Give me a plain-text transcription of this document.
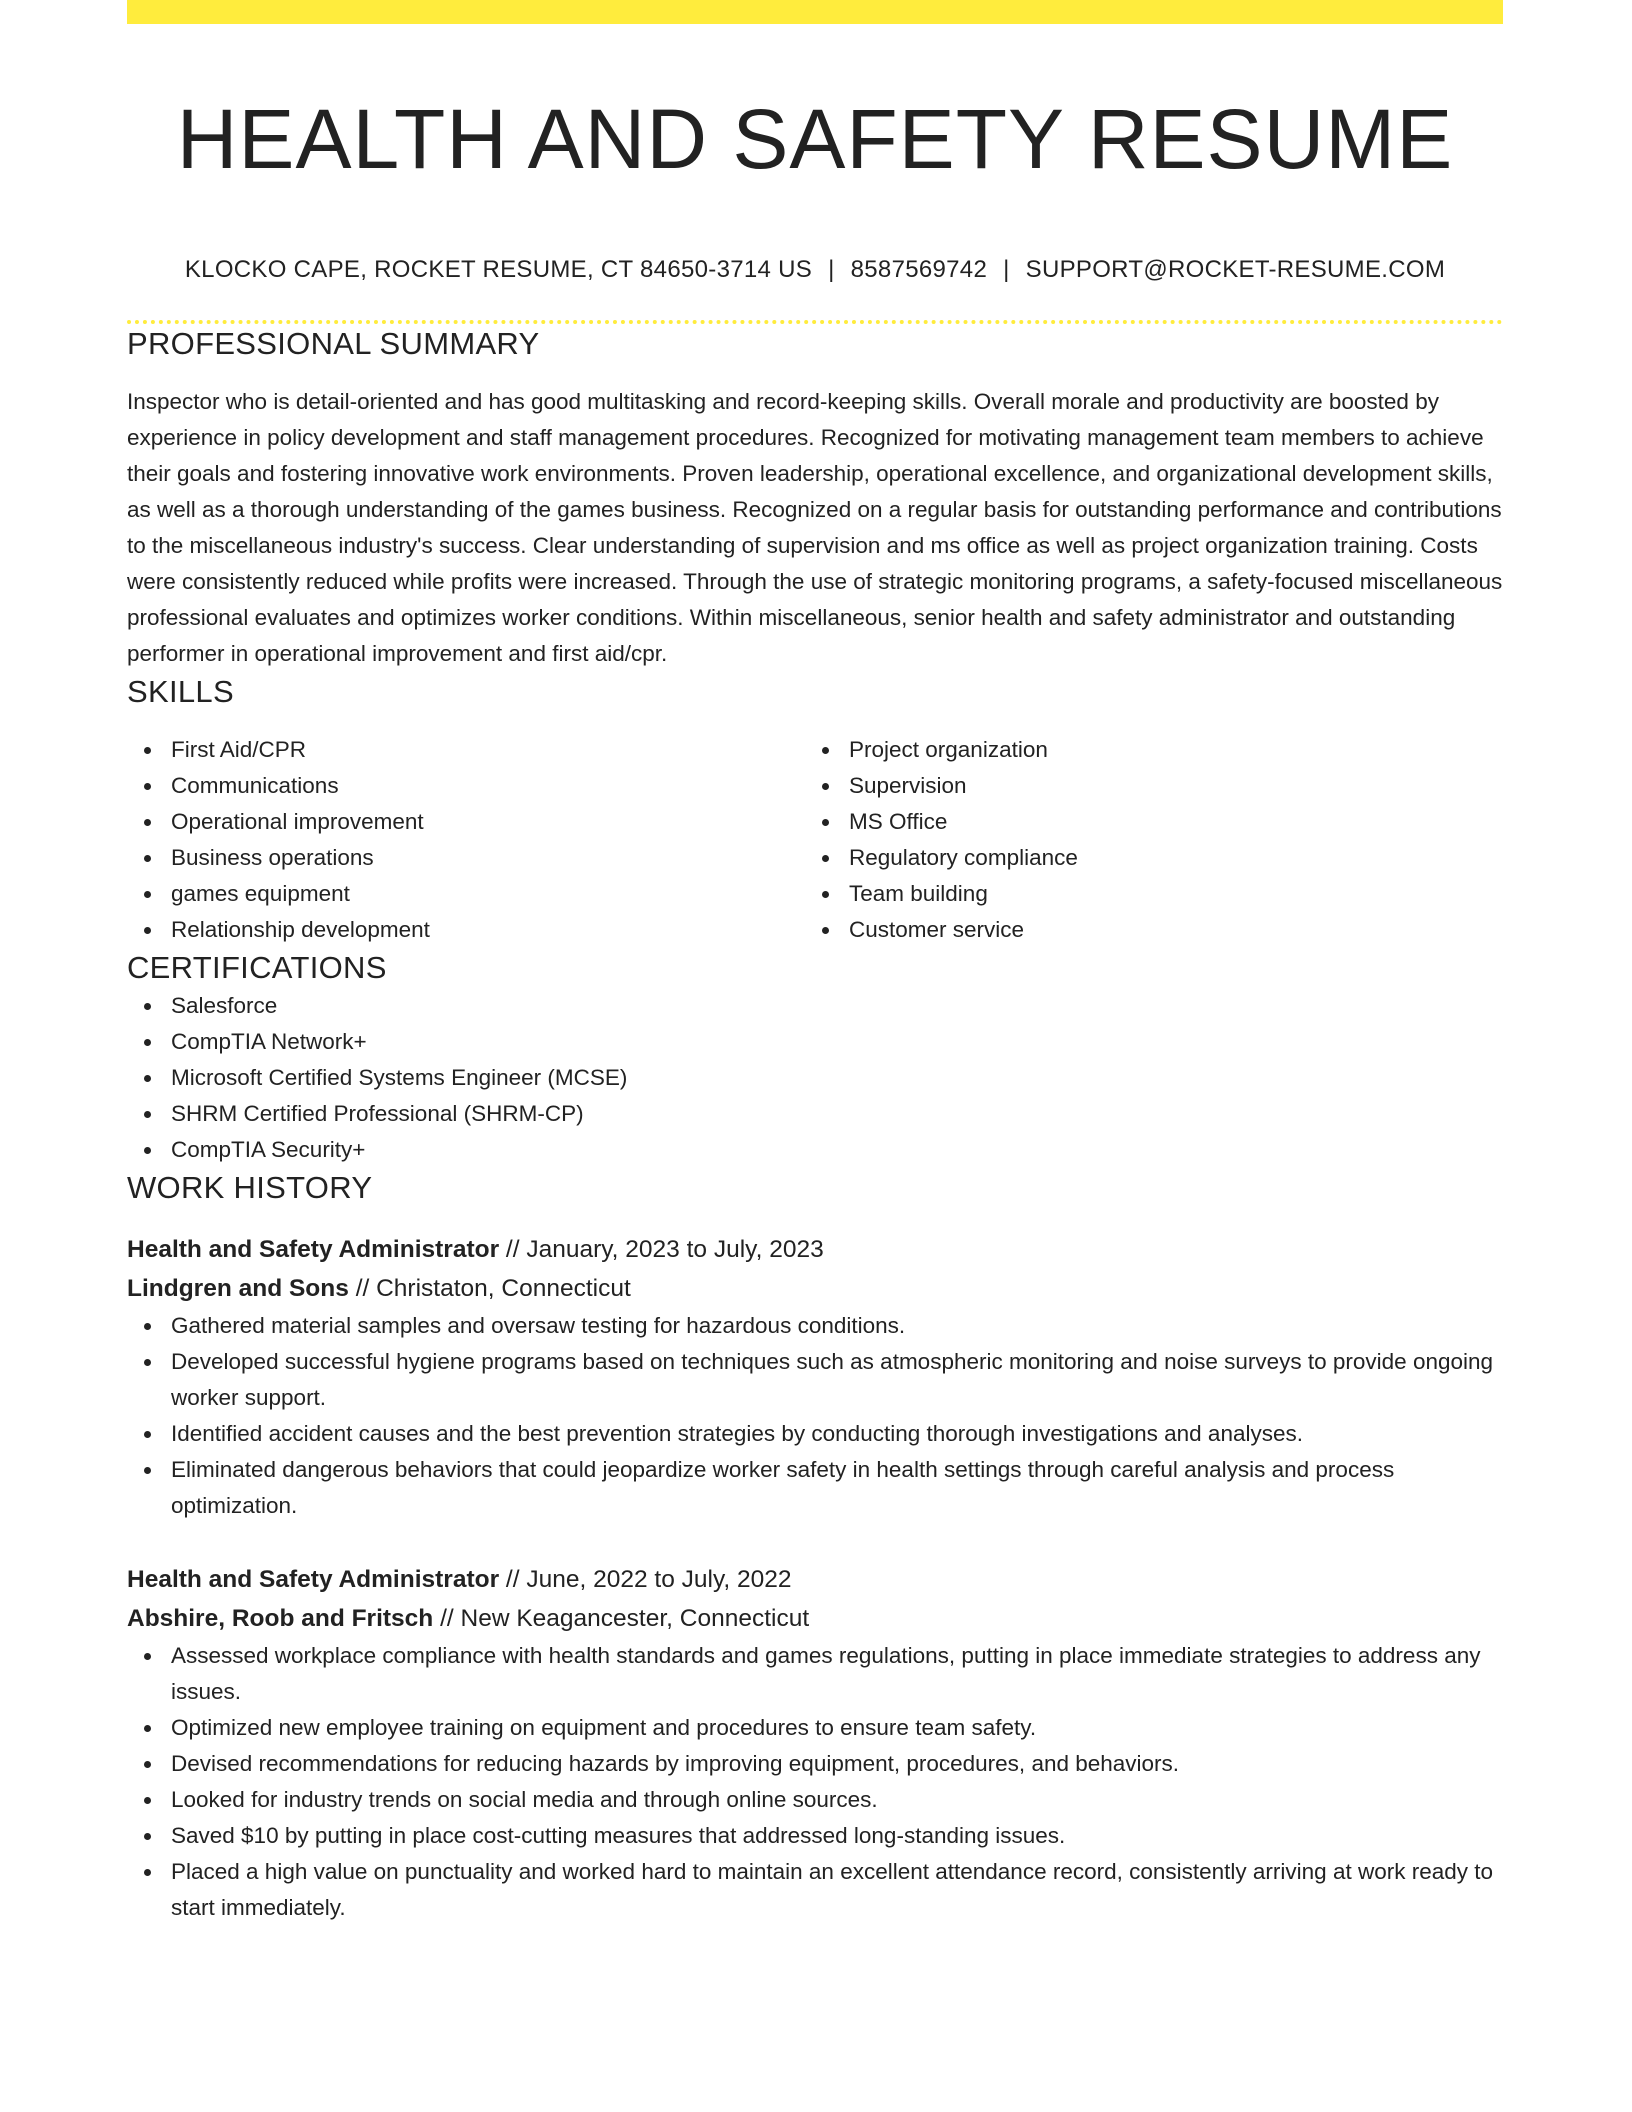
HEALTH AND SAFETY RESUME
KLOCKO CAPE, ROCKET RESUME, CT 84650-3714 US | 8587569742 | SUPPORT@ROCKET-RESUME.COM
PROFESSIONAL SUMMARY

Inspector who is detail-oriented and has good multitasking and record-keeping skills. Overall morale and productivity are boosted by experience in policy development and staff management procedures. Recognized for motivating management team members to achieve their goals and fostering innovative work environments. Proven leadership, operational excellence, and organizational development skills, as well as a thorough understanding of the games business. Recognized on a regular basis for outstanding performance and contributions to the miscellaneous industry's success. Clear understanding of supervision and ms office as well as project organization training. Costs were consistently reduced while profits were increased. Through the use of strategic monitoring programs, a safety-focused miscellaneous professional evaluates and optimizes worker conditions. Within miscellaneous, senior health and safety administrator and outstanding performer in operational improvement and first aid/cpr.

SKILLS
First Aid/CPR
Communications
Operational improvement
Business operations
games equipment
Relationship development
Project organization
Supervision
MS Office
Regulatory compliance
Team building
Customer service
CERTIFICATIONS
Salesforce
CompTIA Network+
Microsoft Certified Systems Engineer (MCSE)
SHRM Certified Professional (SHRM-CP)
CompTIA Security+
WORK HISTORY
Health and Safety Administrator // January, 2023 to July, 2023
Lindgren and Sons // Christaton, Connecticut
Gathered material samples and oversaw testing for hazardous conditions.
Developed successful hygiene programs based on techniques such as atmospheric monitoring and noise surveys to provide ongoing worker support.
Identified accident causes and the best prevention strategies by conducting thorough investigations and analyses.
Eliminated dangerous behaviors that could jeopardize worker safety in health settings through careful analysis and process optimization.
Health and Safety Administrator // June, 2022 to July, 2022
Abshire, Roob and Fritsch // New Keagancester, Connecticut
Assessed workplace compliance with health standards and games regulations, putting in place immediate strategies to address any issues.
Optimized new employee training on equipment and procedures to ensure team safety.
Devised recommendations for reducing hazards by improving equipment, procedures, and behaviors.
Looked for industry trends on social media and through online sources.
Saved $10 by putting in place cost-cutting measures that addressed long-standing issues.
Placed a high value on punctuality and worked hard to maintain an excellent attendance record, consistently arriving at work ready to start immediately.
